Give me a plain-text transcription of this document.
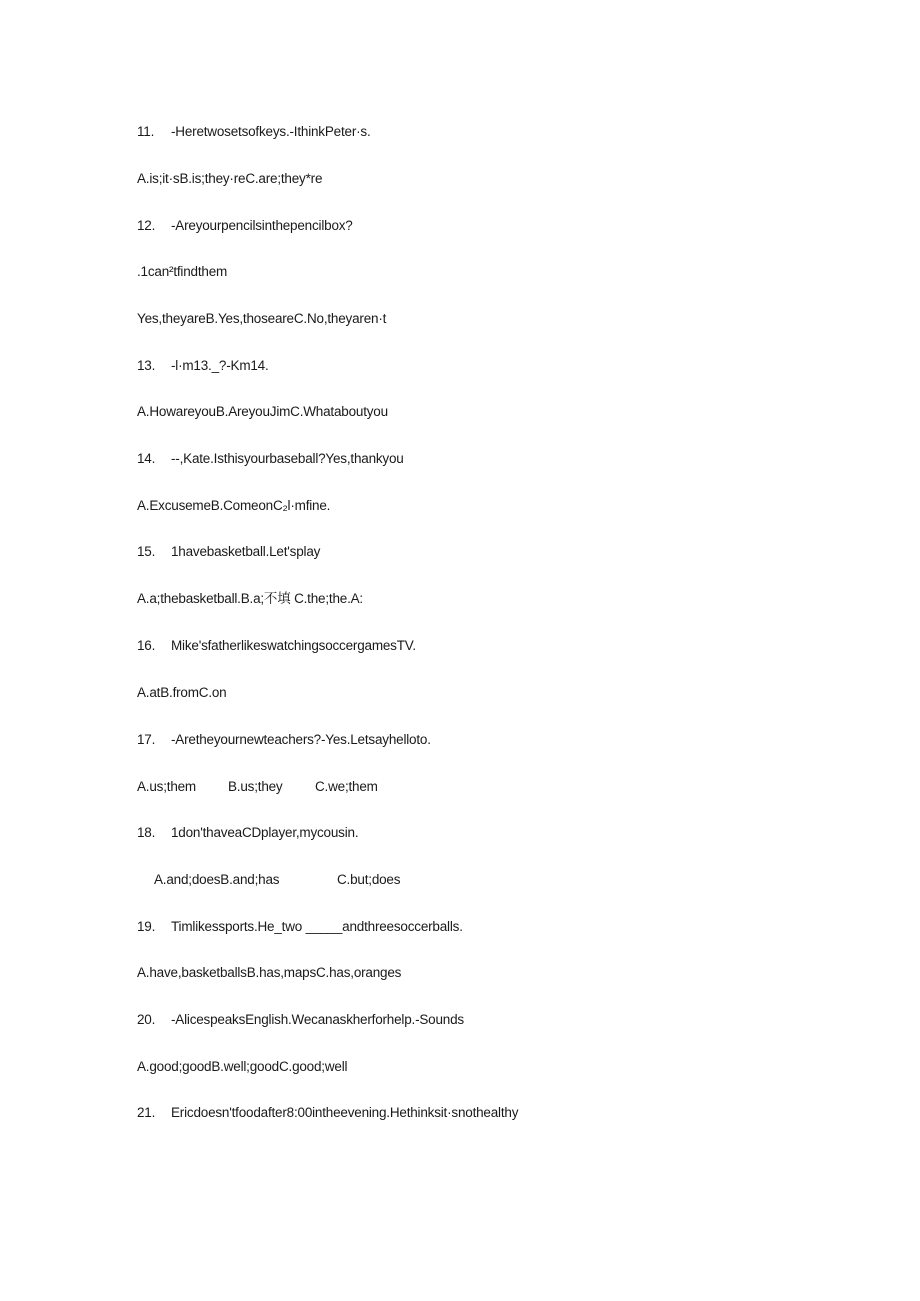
11. -Heretwosetsofkeys.-IthinkPeter·s.
A.is;it·sB.is;they·reC.are;they*re
12. -Areyourpencilsinthepencilbox?
.1can²tfindthem
Yes,theyareB.Yes,thoseareC.No,theyaren·t
13. -l·m13._?-Km14.
A.HowareyouB.AreyouJimC.Whataboutyou
14. --,Kate.Isthisyourbaseball?Yes,thankyou
A.ExcusemeB.ComeonC₂l·mfine.
15. 1havebasketball.Let'splay
A.a;thebasketball.B.a;不填 C.the;the.A:
16. Mike'sfatherlikeswatchingsoccergamesTV.
A.atB.fromC.on
17. -Aretheyournewteachers?-Yes.Letsayhelloto.
A.us;them B.us;they C.we;them
18. 1don'thaveaCDplayer,mycousin.
A.and;doesB.and;has	C.but;does
19. Timlikessports.He_two _____andthreesoccerballs.
A.have,basketballsB.has,mapsC.has,oranges
20. -AlicespeaksEnglish.Wecanaskherforhelp.-Sounds
A.good;goodB.well;goodC.good;well
21. Ericdoesn'tfoodafter8:00intheevening.Hethinksit·snothealthy
